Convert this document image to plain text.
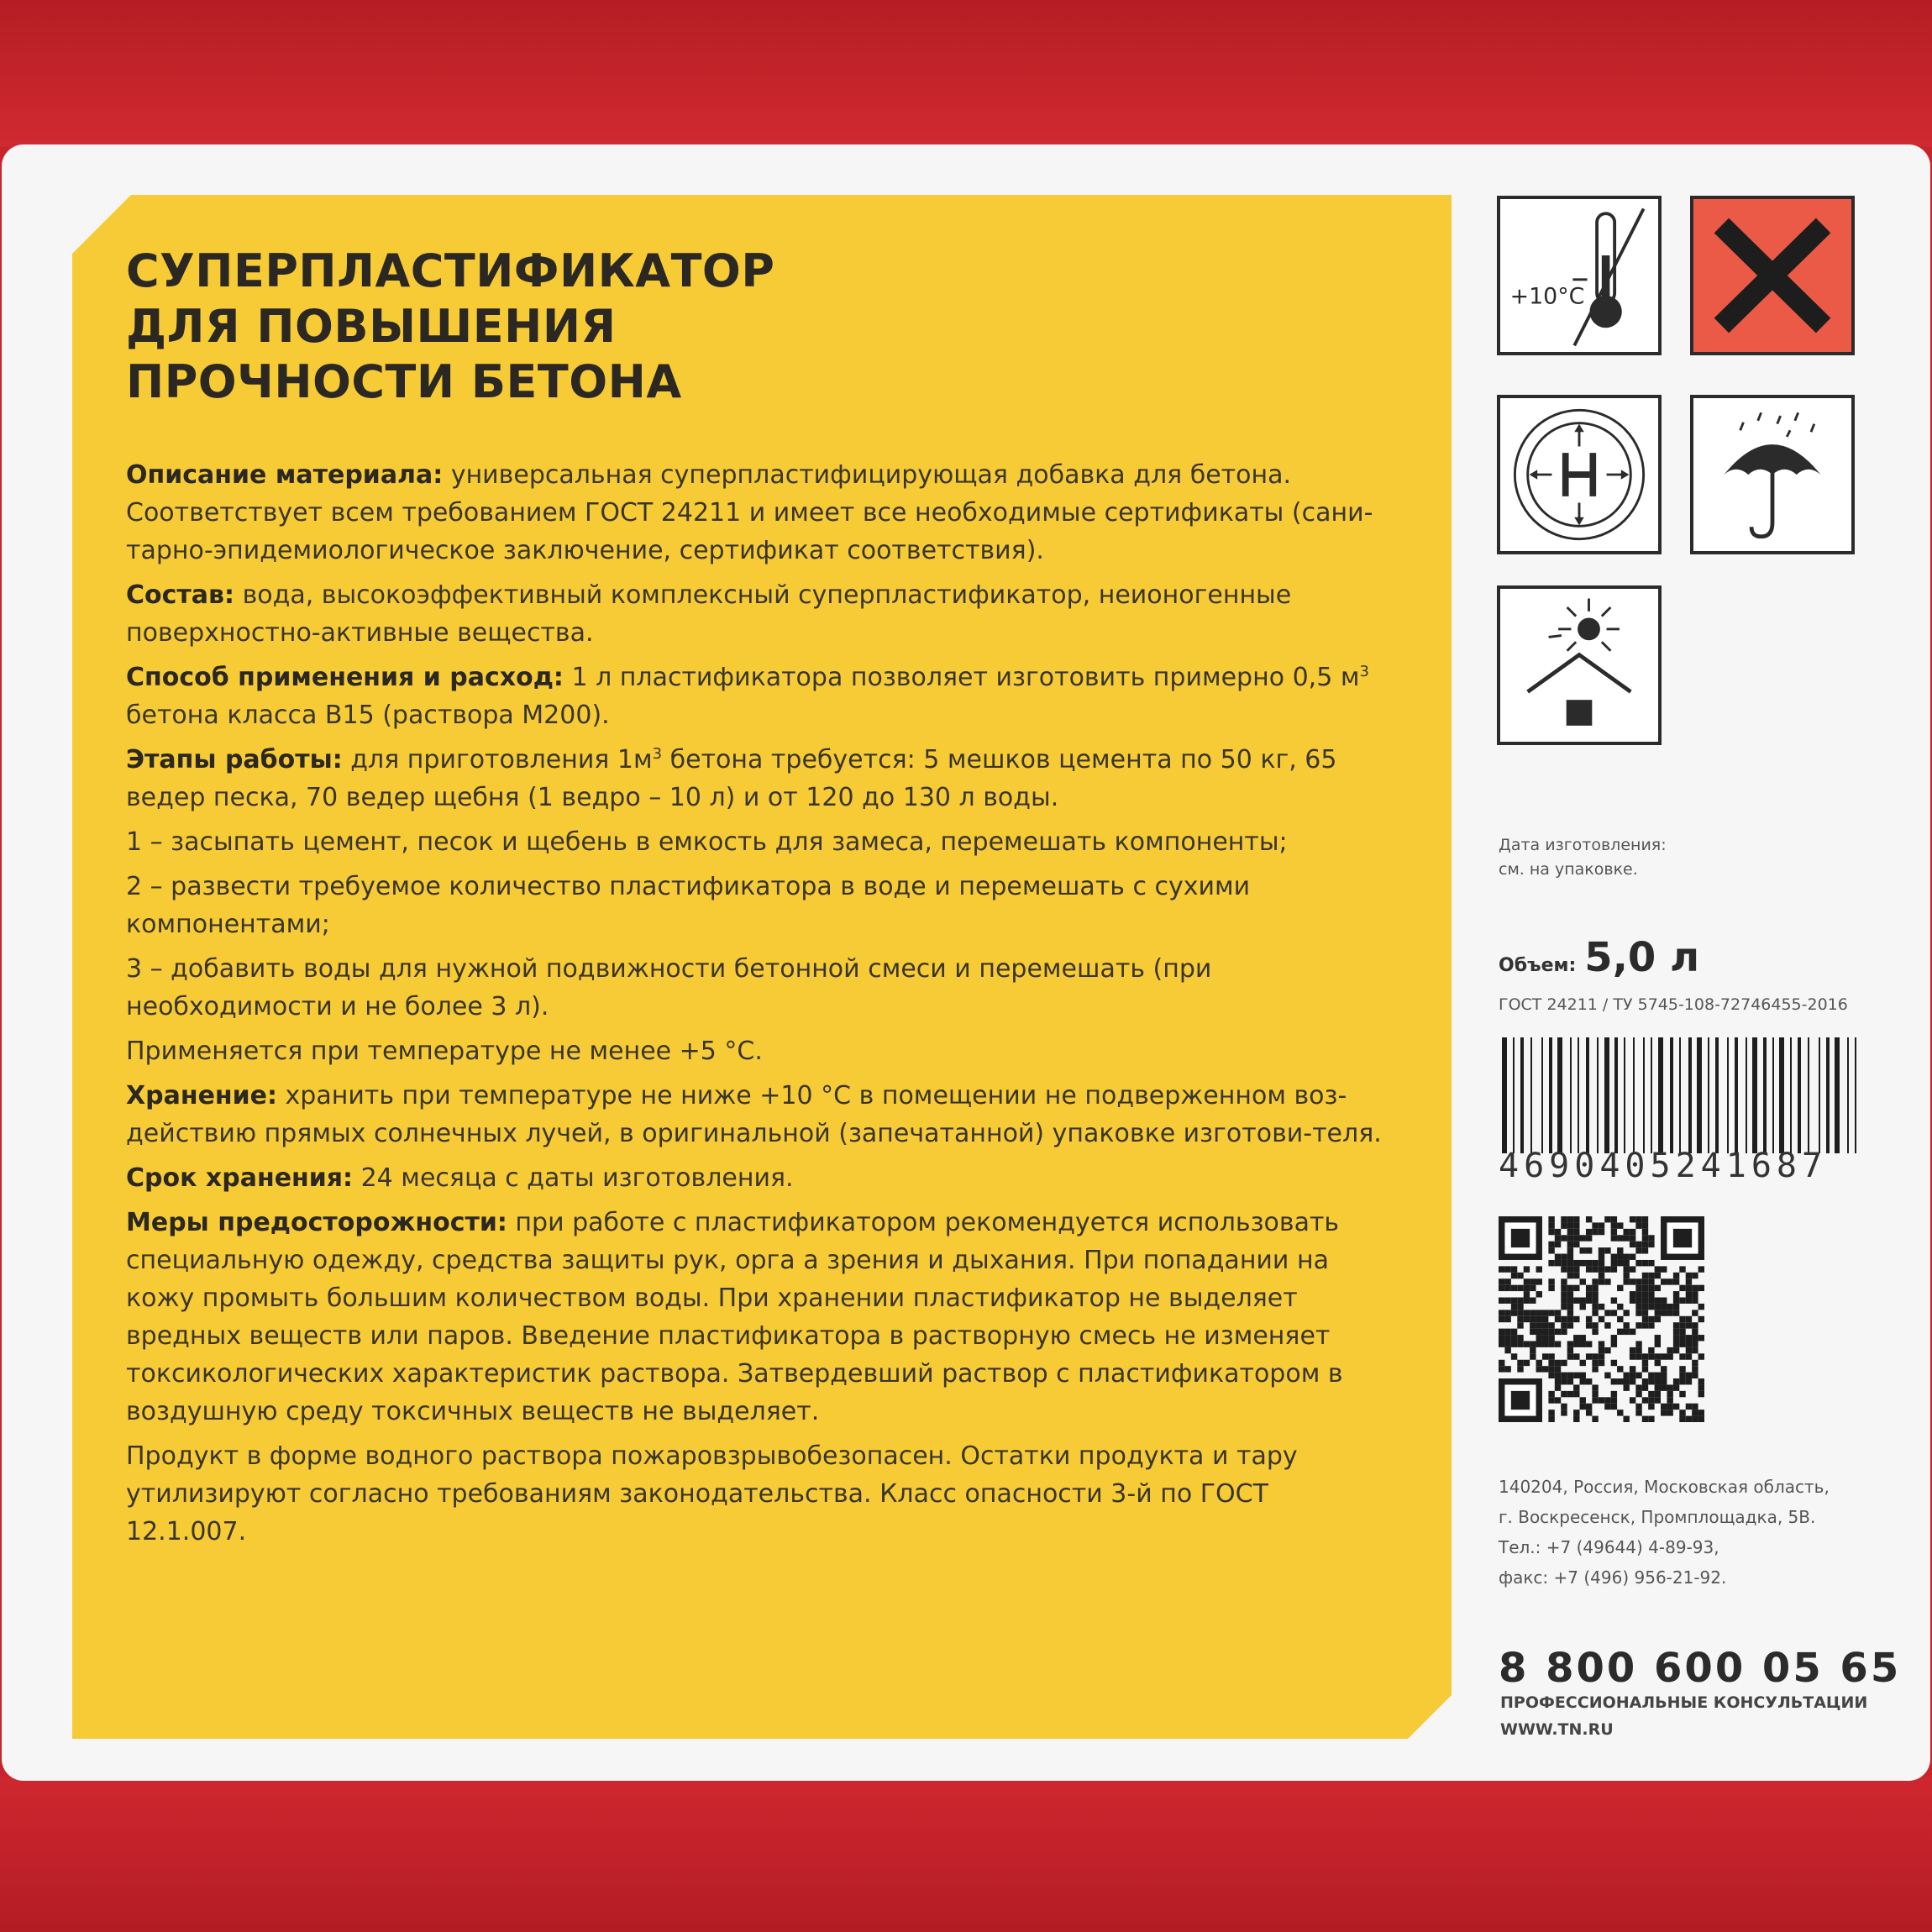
СУПЕРПЛАСТИФИКАТОР
ДЛЯ ПОВЫШЕНИЯ
ПРОЧНОСТИ БЕТОНА

Описание материала: универсальная суперпластифицирующая добавка для бетона. Соответствует всем требованием ГОСТ 24211 и имеет все необходимые сертификаты (сани-тарно-эпидемиологическое заключение, сертификат соответствия).

Состав: вода, высокоэффективный комплексный суперпластификатор, неионогенные поверхностно-активные вещества.

Способ применения и расход: 1 л пластификатора позволяет изготовить примерно 0,5 $м^3$ бетона класса В15 (раствора М200).

Этапы работы: для приготовления $1м^3$ бетона требуется: 5 мешков цемента по 50 кг, 65 ведер песка, 70 ведер щебня (1 ведро – 10 л) и от 120 до 130 л воды.

1 – засыпать цемент, песок и щебень в емкость для замеса, перемешать компоненты;

2 – развести требуемое количество пластификатора в воде и перемешать с сухими компонентами;

3 – добавить воды для нужной подвижности бетонной смеси и перемешать (при необходимости и не более 3 л).

Применяется при температуре не менее +5 °С.

Хранение: хранить при температуре не ниже +10 °С в помещении не подверженном воз-действию прямых солнечных лучей, в оригинальной (запечатанной) упаковке изготови-теля.

Срок хранения: 24 месяца с даты изготовления.

Меры предосторожности: при работе с пластификатором рекомендуется использовать специальную одежду, средства защиты рук, орга а зрения и дыхания. При попадании на кожу промыть большим количеством воды. При хранении пластификатор не выделяет вредных веществ или паров. Введение пластификатора в растворную смесь не изменяет токсикологических характеристик раствора. Затвердевший раствор с пластификатором в воздушную среду токсичных веществ не выделяет.

Продукт в форме водного раствора пожаровзрывобезопасен. Остатки продукта и тару утилизируют согласно требованиям законодательства. Класс опасности 3-й по ГОСТ 12.1.007.

+10°С
Дата изготовления:
см. на упаковке.
Объем: 5,0 л
ГОСТ 24211 / ТУ 5745-108-72746455-2016
4690405241687
140204, Россия, Московская область,
г. Воскресенск, Промплощадка, 5В.
Тел.: +7 (49644) 4-89-93,
факс: +7 (496) 956-21-92.
8 800 600 05 65
ПРОФЕССИОНАЛЬНЫЕ КОНСУЛЬТАЦИИ
WWW.TN.RU
